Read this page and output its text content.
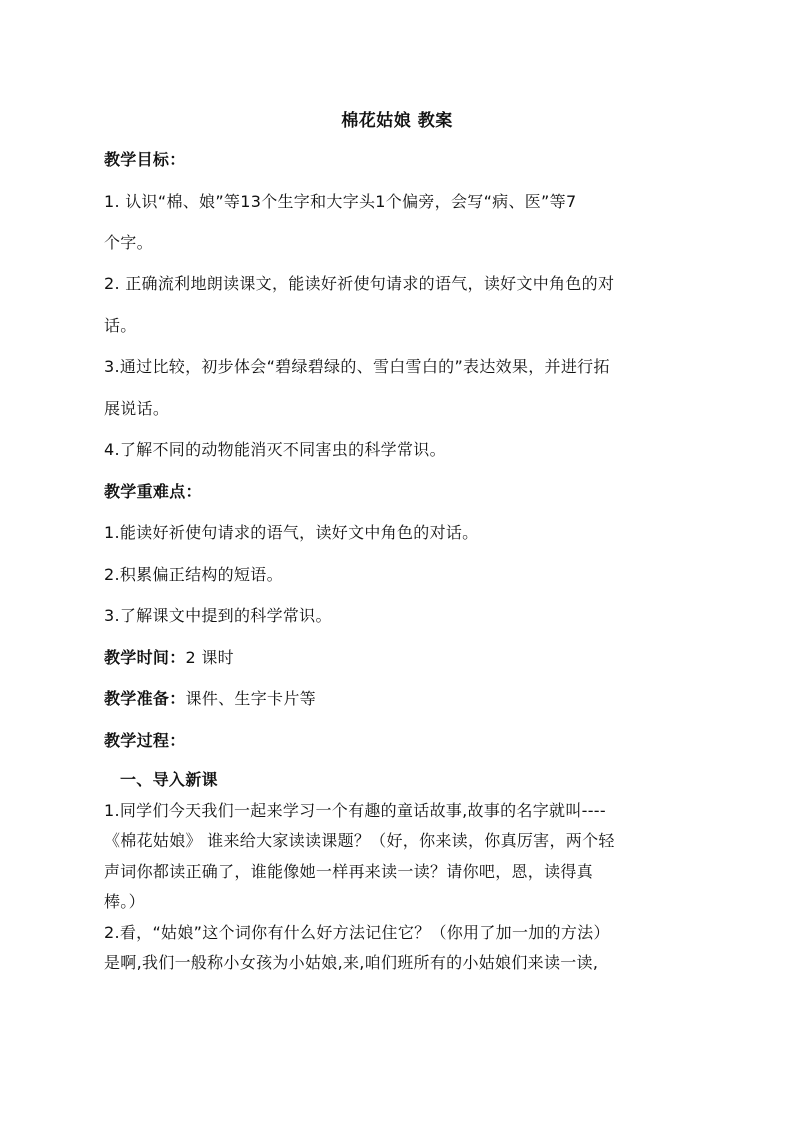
棉花姑娘 教案
教学目标：
1. 认识“棉、娘”等13个生字和大字头1个偏旁，会写“病、医”等7
个字。
2. 正确流利地朗读课文，能读好祈使句请求的语气，读好文中角色的对
话。
3.通过比较，初步体会“碧绿碧绿的、雪白雪白的”表达效果，并进行拓
展说话。
4.了解不同的动物能消灭不同害虫的科学常识。
教学重难点：
1.能读好祈使句请求的语气，读好文中角色的对话。
2.积累偏正结构的短语。
3.了解课文中提到的科学常识。
教学时间：2 课时
教学准备：课件、生字卡片等
教学过程：
一、导入新课
1.同学们今天我们一起来学习一个有趣的童话故事,故事的名字就叫----
《棉花姑娘》 谁来给大家读读课题？（好，你来读，你真厉害，两个轻
声词你都读正确了，谁能像她一样再来读一读？请你吧，恩，读得真
棒。）
2.看，“姑娘”这个词你有什么好方法记住它？（你用了加一加的方法）
是啊,我们一般称小女孩为小姑娘,来,咱们班所有的小姑娘们来读一读,
